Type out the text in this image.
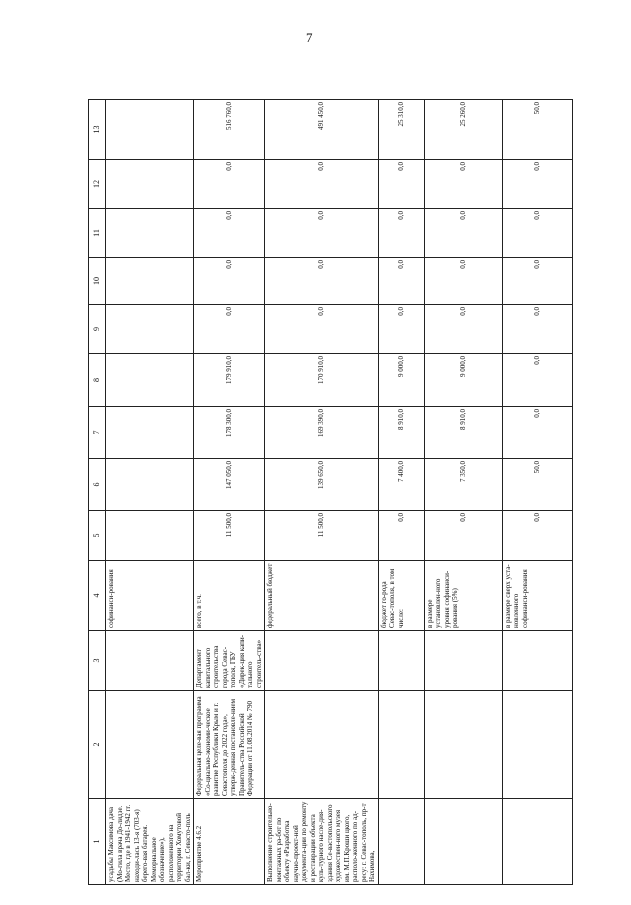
7
1	2	3	4	5	6	7	8	9	10	11	12	13
усадьбы Максимова дача (Мо-гила врача До-лидзе. Место, где в 1941-1942 гг. находи-лась 13-я (703-я) берего-вая батарея. Мемориальное обозначение»), расположенного на территории Хомутовой бал-ки, г. Севасто-поль			софинанси-рования									
Мероприятие 4.6.2	Федеральная целе-вая программа «Со-циально-экономи-ческое развитие Республики Крым и г. Севастополя до 2022 года», утверж-денная постановле-нием Правитель-ства Российской Федерации от 11.08.2014 № 790	Департамент капитального строительства города Севас-тополя, ГБУ «Дирек-ция капи-тального строитель-ства»	всего, в т.ч.	11 500,0	147 050,0	178 300,0	179 910,0	0,0	0,0	0,0	0,0	516 760,0
Выполнение строительно-монтажных ра-бот по объекту «Разработка научно-проект-ной документа-ции по ремонту и реставрации объекта куль-турного насле-дия-здания Се-вастопольского художествен-ного музея им. М.П.Кроши цкого, располо-женного по ад-ресу: г. Севас-тополь, пр-т Нахимова,			федеральный бюджет	11 500,0	139 650,0	169 390,0	170 910,0	0,0	0,0	0,0	0,0	491 450,0
			бюджет го-рода Севас-тополя, в том числе:	0,0	7 400,0	8 910,0	9 000,0	0,0	0,0	0,0	0,0	25 310,0
			в размере установлен-ного уровня софинанси-рования (5%)	0,0	7 350,0	8 910,0	9 000,0	0,0	0,0	0,0	0,0	25 260,0
			в размере сверх уста-новленного софинанси-рования	0,0	50,0	0,0	0,0	0,0	0,0	0,0	0,0	50,0
